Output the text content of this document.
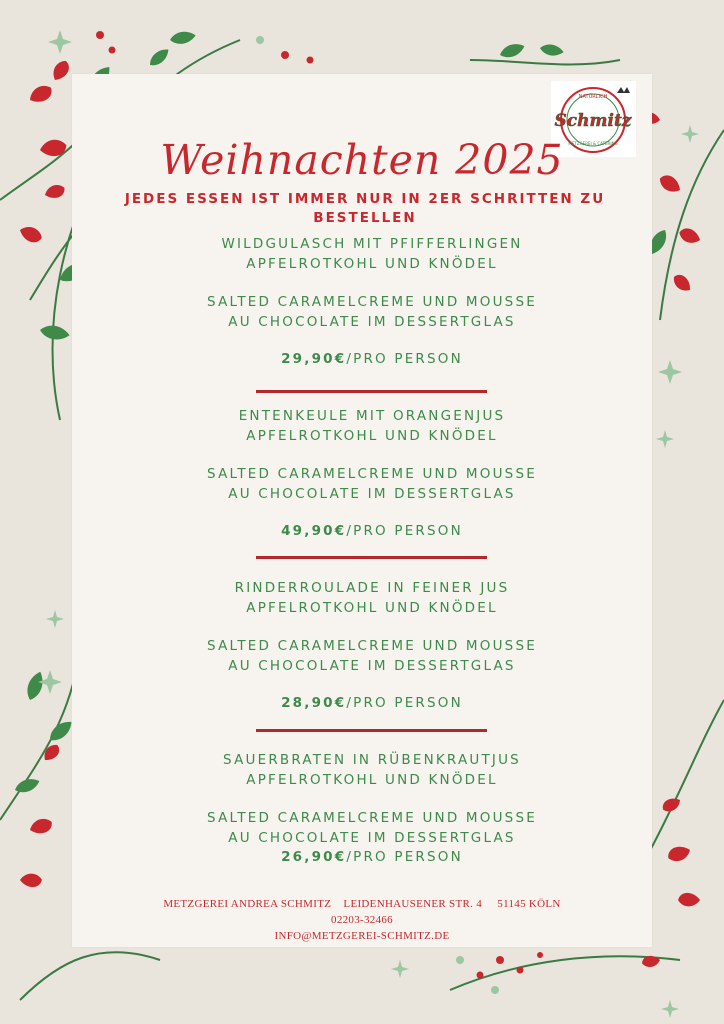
NATÜRLICH
Schmitz
METZGEREI & CATERING
Weihnachten 2025
JEDES ESSEN IST IMMER NUR IN 2ER SCHRITTEN ZU BESTELLEN
WILDGULASCH MIT PFIFFERLINGEN
APFELROTKOHL UND KNÖDEL
SALTED CARAMELCREME UND MOUSSE
AU CHOCOLATE IM DESSERTGLAS
29,90€/PRO PERSON
ENTENKEULE MIT ORANGENJUS
APFELROTKOHL UND KNÖDEL
SALTED CARAMELCREME UND MOUSSE
AU CHOCOLATE IM DESSERTGLAS
49,90€/PRO PERSON
RINDERROULADE IN FEINER JUS
APFELROTKOHL UND KNÖDEL
SALTED CARAMELCREME UND MOUSSE
AU CHOCOLATE IM DESSERTGLAS
28,90€/PRO PERSON
SAUERBRATEN IN RÜBENKRAUTJUS
APFELROTKOHL UND KNÖDEL
SALTED CARAMELCREME UND MOUSSE
AU CHOCOLATE IM DESSERTGLAS
26,90€/PRO PERSON
METZGEREI ANDREA SCHMITZ    LEIDENHAUSENER STR. 4     51145 KÖLN
02203-32466
INFO@METZGEREI-SCHMITZ.DE
